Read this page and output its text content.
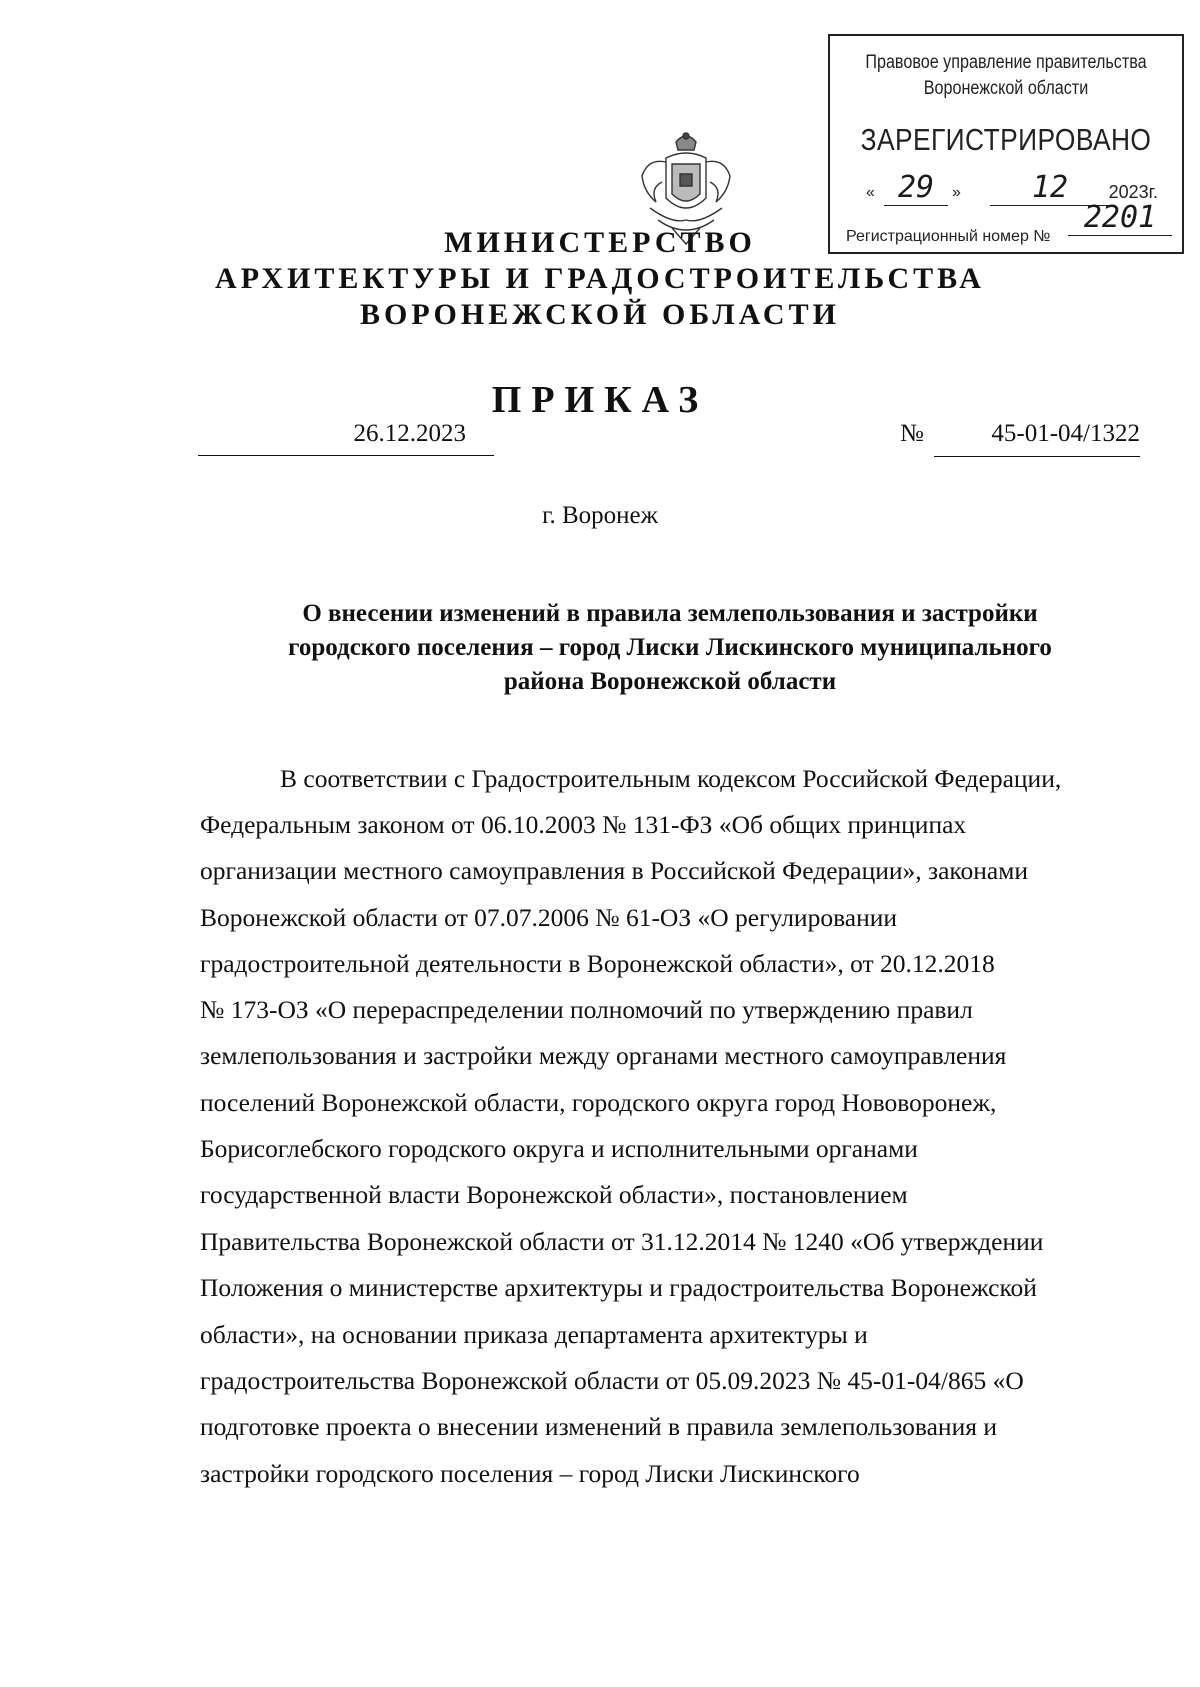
Правовое управление правительства
Воронежской области
ЗАРЕГИСТРИРОВАНО
« 29	»	12	2023г.
Регистрационный номер №
2201
МИНИСТЕРСТВО
АРХИТЕКТУРЫ И ГРАДОСТРОИТЕЛЬСТВА
ВОРОНЕЖСКОЙ ОБЛАСТИ
ПРИКАЗ
26.12.2023	№	45-01-04/1322
г. Воронеж
О внесении изменений в правила землепользования и застройки
городского поселения – город Лиски Лискинского муниципального
района Воронежской области
В соответствии с Градостроительным кодексом Российской Федерации,
Федеральным законом от 06.10.2003 № 131-ФЗ «Об общих принципах
организации местного самоуправления в Российской Федерации», законами
Воронежской области от 07.07.2006 № 61-ОЗ «О регулировании
градостроительной деятельности в Воронежской области», от 20.12.2018
№ 173-ОЗ «О перераспределении полномочий по утверждению правил
землепользования и застройки между органами местного самоуправления
поселений Воронежской области, городского округа город Нововоронеж,
Борисоглебского городского округа и исполнительными органами
государственной власти Воронежской области», постановлением
Правительства Воронежской области от 31.12.2014 № 1240 «Об утверждении
Положения о министерстве архитектуры и градостроительства Воронежской
области», на основании приказа департамента архитектуры и
градостроительства Воронежской области от 05.09.2023 № 45-01-04/865 «О
подготовке проекта о внесении изменений в правила землепользования и
застройки городского поселения – город Лиски Лискинского
